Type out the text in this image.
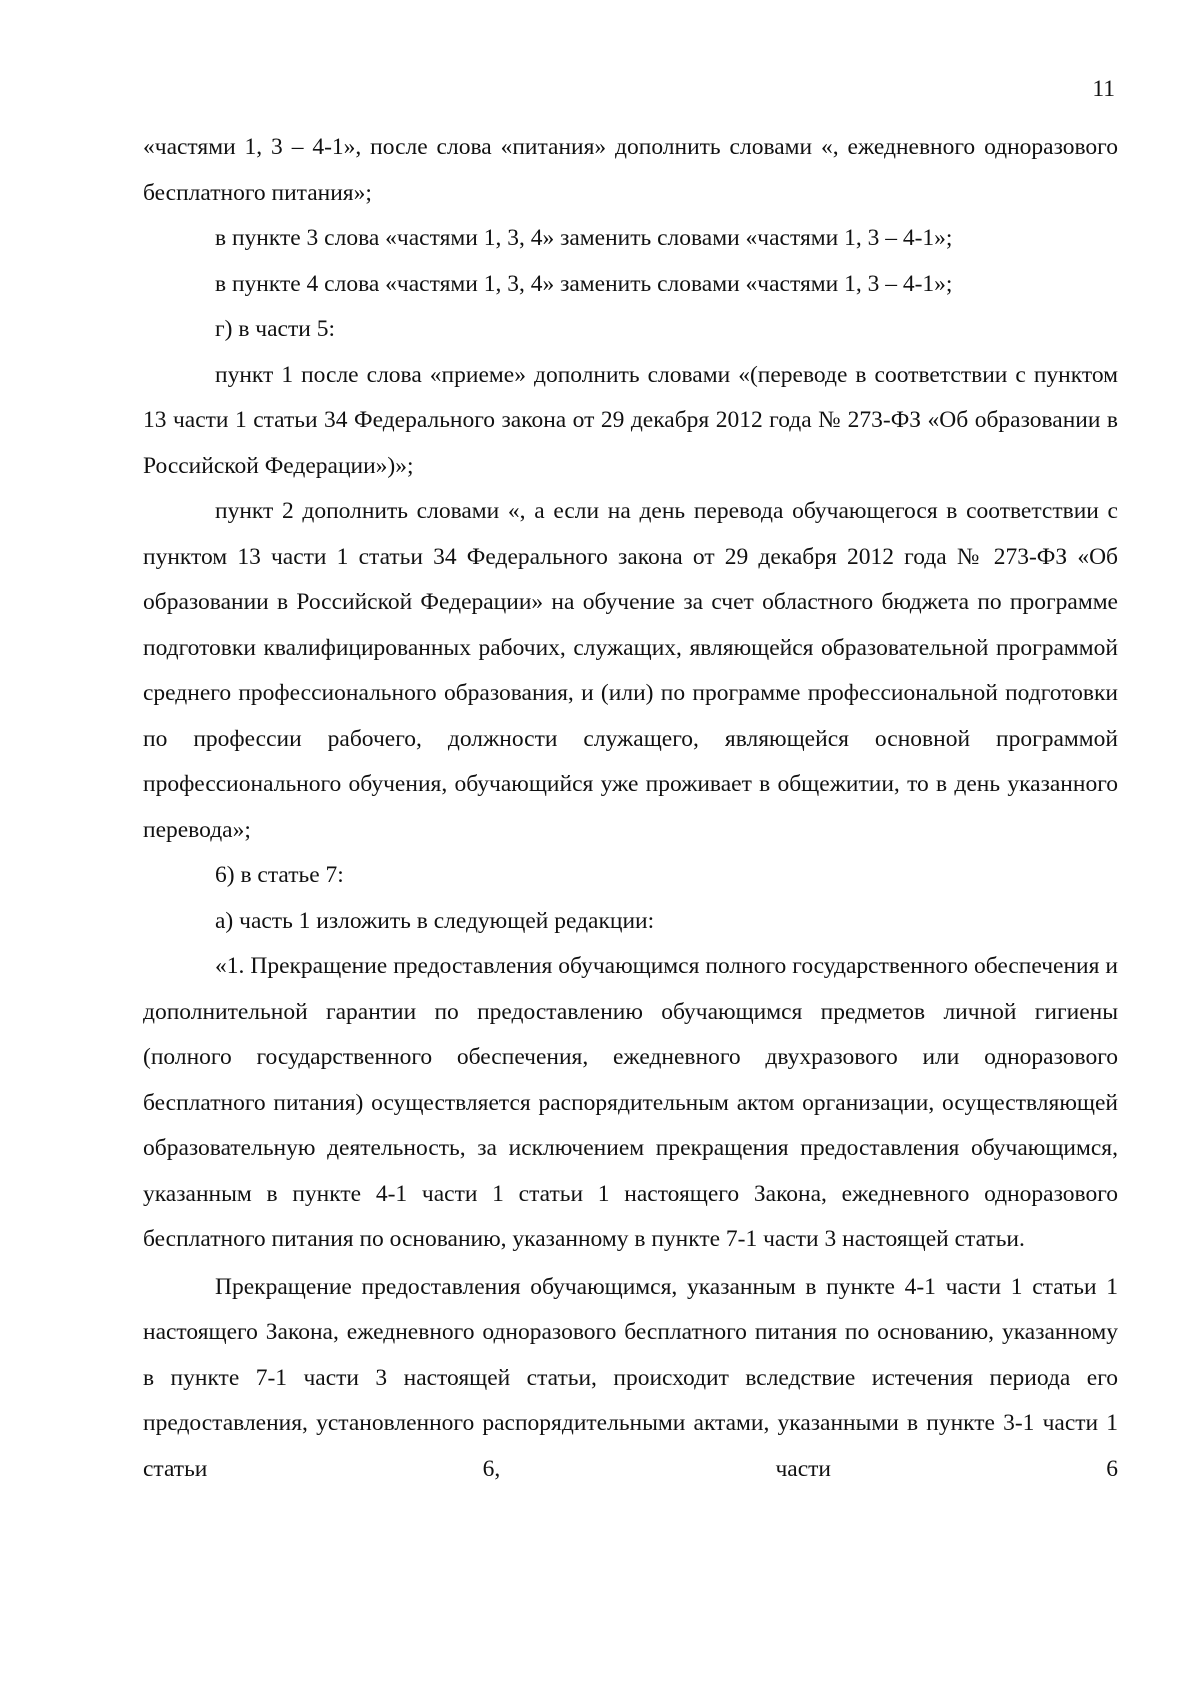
11

«частями 1, 3 – 4-1», после слова «питания» дополнить словами «, ежедневного одноразового бесплатного питания»;

в пункте 3 слова «частями 1, 3, 4» заменить словами «частями 1, 3 – 4-1»;

в пункте 4 слова «частями 1, 3, 4» заменить словами «частями 1, 3 – 4-1»;

г) в части 5:

пункт 1 после слова «приеме» дополнить словами «(переводе в соответствии с пунктом 13 части 1 статьи 34 Федерального закона от 29 декабря 2012 года № 273-ФЗ «Об образовании в Российской Федерации»)»;

пункт 2 дополнить словами «, а если на день перевода обучающегося в соответствии с пунктом 13 части 1 статьи 34 Федерального закона от 29 декабря 2012 года № 273-ФЗ «Об образовании в Российской Федерации» на обучение за счет областного бюджета по программе подготовки квалифицированных рабочих, служащих, являющейся образовательной программой среднего профессионального образования, и (или) по программе профессиональной подготовки по профессии рабочего, должности служащего, являющейся основной программой профессионального обучения, обучающийся уже проживает в общежитии, то в день указанного перевода»;

6) в статье 7:

а) часть 1 изложить в следующей редакции:

«1. Прекращение предоставления обучающимся полного государственного обеспечения и дополнительной гарантии по предоставлению обучающимся предметов личной гигиены (полного государственного обеспечения, ежедневного двухразового или одноразового бесплатного питания) осуществляется распорядительным актом организации, осуществляющей образовательную деятельность, за исключением прекращения предоставления обучающимся, указанным в пункте 4-1 части 1 статьи 1 настоящего Закона, ежедневного одноразового бесплатного питания по основанию, указанному в пункте 7-1 части 3 настоящей статьи.

Прекращение предоставления обучающимся, указанным в пункте 4-1 части 1 статьи 1 настоящего Закона, ежедневного одноразового бесплатного питания по основанию, указанному в пункте 7-1 части 3 настоящей статьи, происходит вследствие истечения периода его предоставления, установленного распорядительными актами, указанными в пункте 3-1 части 1 статьи 6, части 6
